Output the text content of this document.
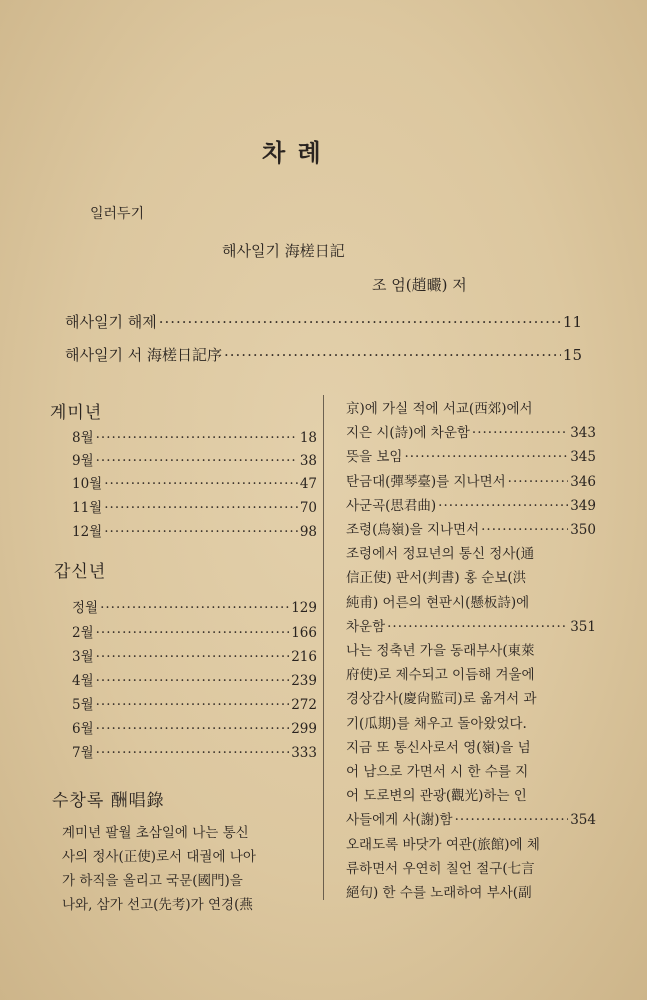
차 례
일러두기
해사일기 海槎日記
조 엄(趙曮) 저
해사일기 해제 ·····	11
해사일기 서 海槎日記序 ·····	15
계미년
8월 ·····	18
9월 ·····	38
10월 ·····	47
11월 ·····	70
12월 ·····	98
갑신년
정월 ·····	129
2월 ·····	166
3월 ·····	216
4월 ·····	239
5월 ·····	272
6월 ·····	299
7월 ·····	333
수창록 酬唱錄
계미년 팔월 초삼일에 나는 통신
사의 정사(正使)로서 대궐에 나아
가 하직을 올리고 국문(國門)을
나와, 삼가 선고(先考)가 연경(燕
京)에 가실 적에 서교(西郊)에서
지은 시(詩)에 차운함 ·····	343
뜻을 보임 ·····	345
탄금대(彈琴臺)를 지나면서 ·····	346
사군곡(思君曲) ·····	349
조령(鳥嶺)을 지나면서 ·····	350
조령에서 정묘년의 통신 정사(通
信正使) 판서(判書) 홍 순보(洪
純甫) 어른의 현판시(懸板詩)에
차운함 ·····	351
나는 정축년 가을 동래부사(東萊
府使)로 제수되고 이듬해 겨울에
경상감사(慶尙監司)로 옮겨서 과
기(瓜期)를 채우고 돌아왔었다.
지금 또 통신사로서 영(嶺)을 넘
어 남으로 가면서 시 한 수를 지
어 도로변의 관광(觀光)하는 인
사들에게 사(謝)함 ·····	354
오래도록 바닷가 여관(旅館)에 체
류하면서 우연히 칠언 절구(七言
絕句) 한 수를 노래하여 부사(副
